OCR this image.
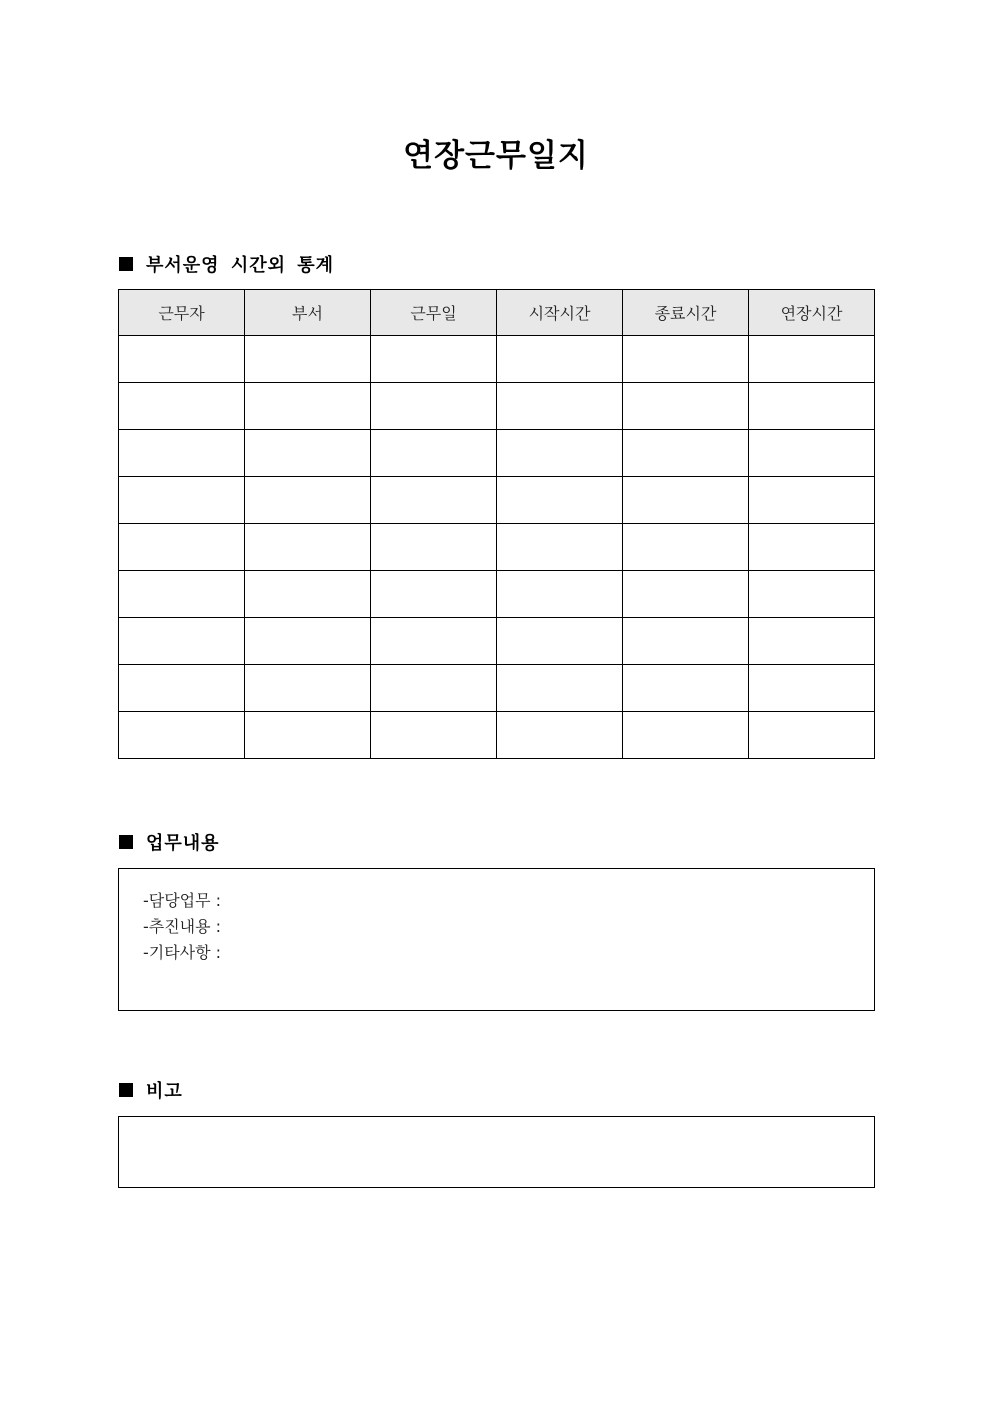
연장근무일지
부서운영 시간외 통계
근무자	부서	근무일	시작시간	종료시간	연장시간

업무내용
-담당업무 :
-추진내용 :
-기타사항 :
비고
